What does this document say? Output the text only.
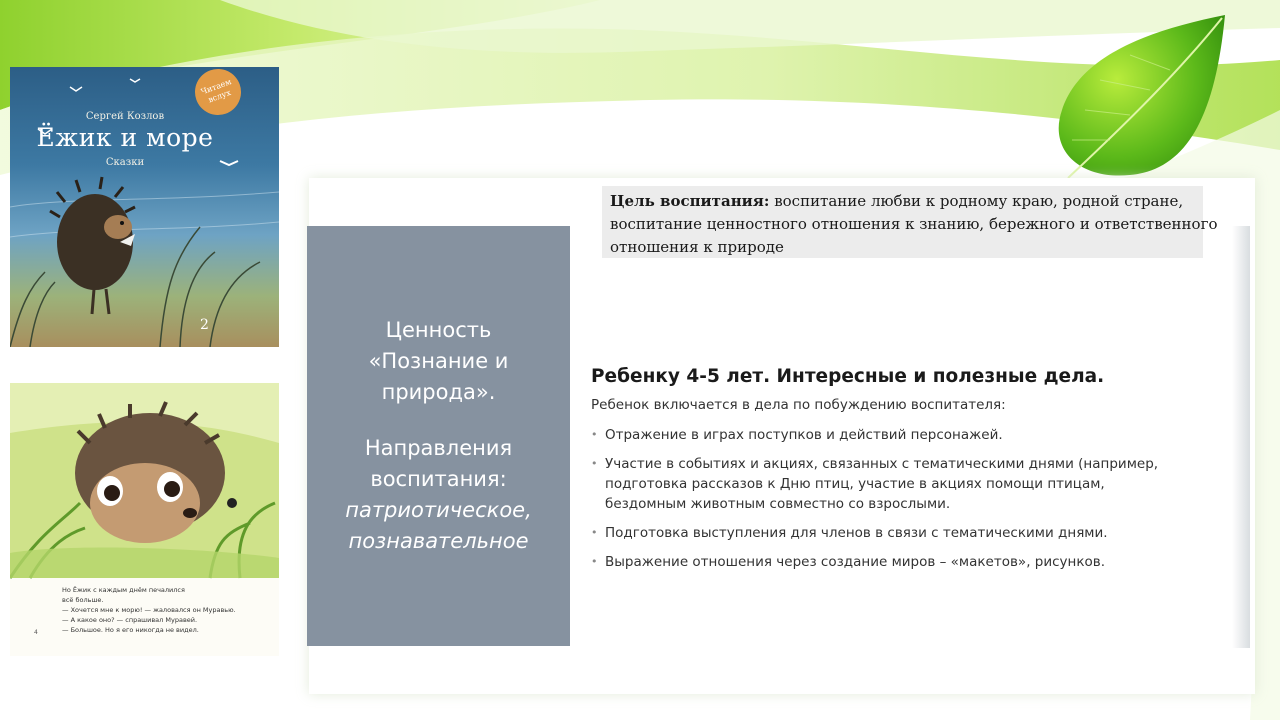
2
Читаем вслух
Сергей Козлов
Ёжик и море
Сказки
Но Ёжик с каждым днём печалился
всё больше.
— Хочется мне к морю! — жаловался он Муравью.
— А какое оно? — спрашивал Муравей.
— Большое. Но я его никогда не видел.
4
Ценность
«Познание и
природа».
Направления
воспитания:
патриотическое,
познавательное
Цель воспитания: воспитание любви к родному краю, родной стране,
воспитание ценностного отношения к знанию, бережного и ответственного
отношения к природе
Ребенку 4-5 лет. Интересные и полезные дела.
Ребенок включается в дела по побуждению воспитателя:
• Отражение в играх поступков и действий персонажей.
• Участие в событиях и акциях, связанных с тематическими днями (например,
подготовка рассказов к Дню птиц, участие в акциях помощи птицам,
бездомным животным совместно со взрослыми.
• Подготовка выступления для членов в связи с тематическими днями.
• Выражение отношения через создание миров – «макетов», рисунков.
